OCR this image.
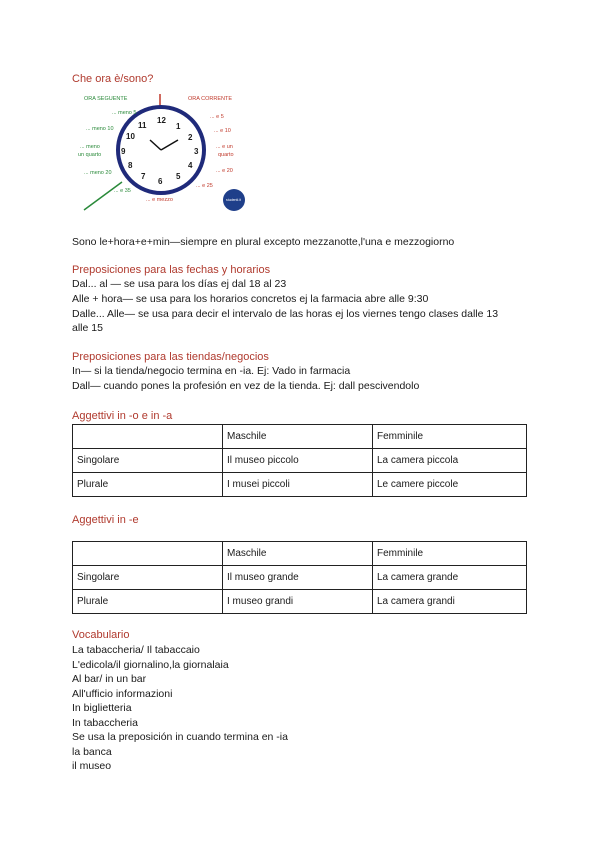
Che ora è/sono?
12
1
2
3
4
5
6
7
8
9
10
11
ORA SEGUENTE	ORA CORRENTE
... meno 5
... meno 10
... meno
un quarto
... meno 20
... e 35
... e 5
... e 10
... e un
quarto
... e 20
... e 25
... e mezzo	studenti.it
Sono le+hora+e+min—siempre en plural excepto mezzanotte,l'una e mezzogiorno
Preposiciones para las fechas y horarios
Dal... al — se usa para los días ej dal 18 al 23
Alle + hora— se usa para los horarios concretos ej la farmacia abre alle 9:30
Dalle... Alle— se usa para decir el intervalo de las horas ej los viernes tengo clases dalle 13
alle 15
Preposiciones para las tiendas/negocios
In— si la tienda/negocio termina en -ia. Ej: Vado in farmacia
Dall— cuando pones la profesión en vez de la tienda. Ej: dall pescivendolo
Aggettivi in -o e in -a
	Maschile	Femminile
Singolare	Il museo piccolo	La camera piccola
Plurale	I musei piccoli	Le camere piccole
Aggettivi in -e
	Maschile	Femminile
Singolare	Il museo grande	La camera grande
Plurale	I museo grandi	La camera grandi
Vocabulario
La tabaccheria/ Il tabaccaio
L'edicola/il giornalino,la giornalaia
Al bar/ in un bar
All'ufficio informazioni
In biglietteria
In tabaccheria
Se usa la preposición in cuando termina en -ia
la banca
il museo
